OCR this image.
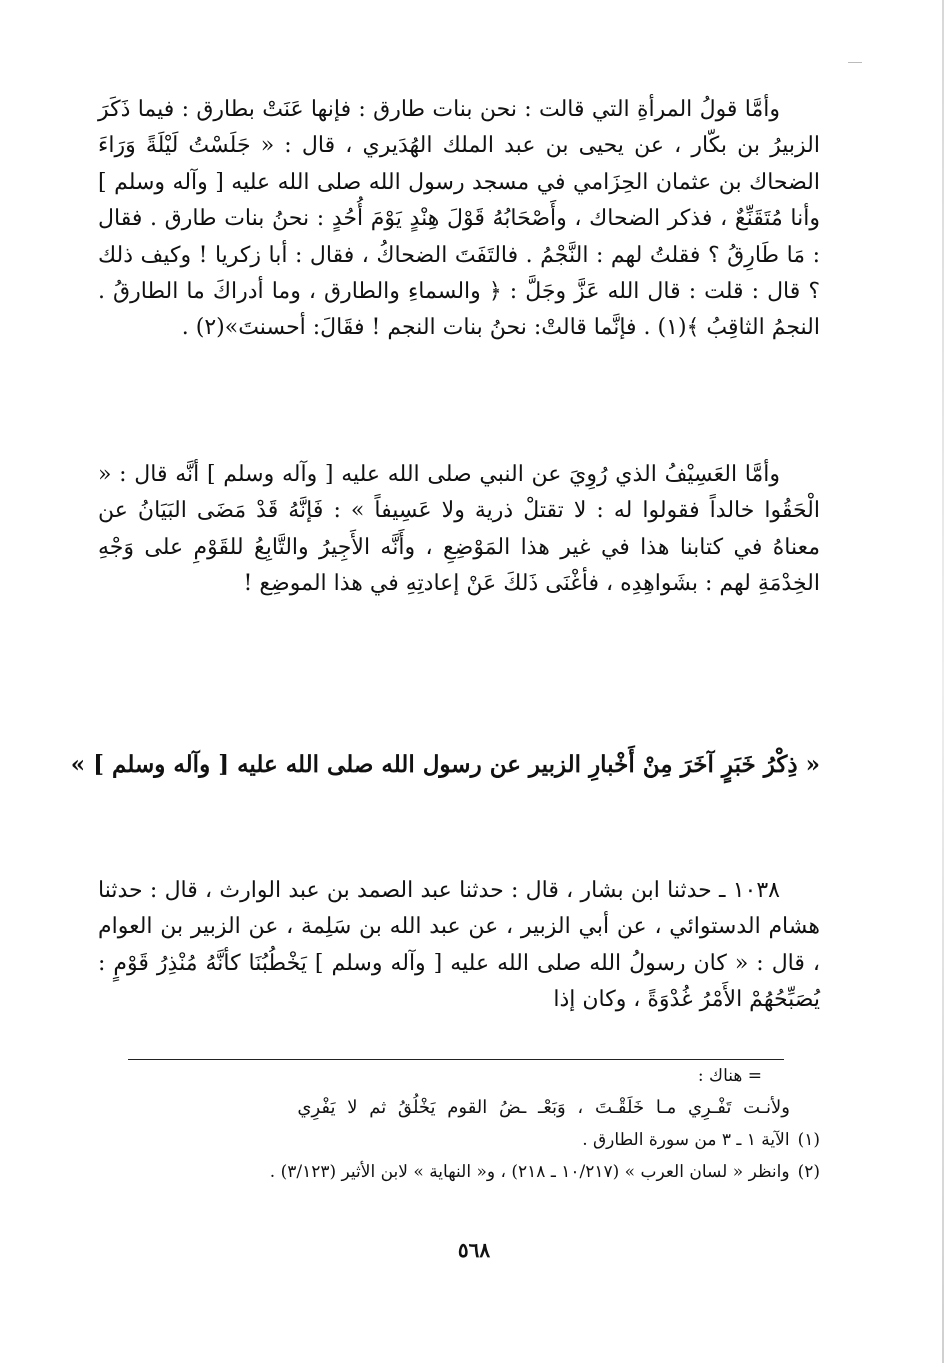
وأمَّا قولُ المرأةِ التي قالت : نحن بنات طارق : فإنها عَنَتْ بطارق : فيما ذَكَرَ الزبيرُ بن بكّار ، عن يحيى بن عبد الملك الهُدَيري ، قال : « جَلَسْتُ لَيْلَةً وَرَاءَ الضحاك بن عثمان الحِزَامي في مسجد رسول الله صلى الله عليه [ وآله وسلم ] وأنا مُتَقَنِّعٌ ، فذكر الضحاك ، وأَصْحَابُهُ قَوْلَ هِنْدٍ يَوْمَ أُحُدٍ : نحنُ بنات طارق . فقال : مَا طَارِقُ ؟ فقلتُ لهم : النَّجْمُ . فالتَفَتَ الضحاكُ ، فقال : أبا زكريا ! وكيف ذلك ؟ قال : قلت : قال الله عَزَّ وجَلَّ : ﴿ والسماءِ والطارق ، وما أدراكَ ما الطارقُ . النجمُ الثاقِبُ ﴾(١) . فإنَّما قالتْ: نحنُ بنات النجم ! فقَالَ: أحسنتَ»(٢) .

وأمَّا العَسِيْفُ الذي رُوِيَ عن النبي صلى الله عليه [ وآله وسلم ] أنَّه قال : « الْحَقُوا خالداً فقولوا له : لا تقتلْ ذرية ولا عَسِيفاً » : فَإنَّهُ قَدْ مَضَى البَيَانُ عن معناهُ في كتابنا هذا في غير هذا المَوْضِعِ ، وأَنَّه الأَجِيرُ والتَّابِعُ للقَوْمِ على وَجْهِ الخِدْمَةِ لهم : بشَواهِدِه ، فأغْنَى ذَلكَ عَنْ إعادتِهِ في هذا الموضِع !

« ذِكْرُ خَبَرٍ آخَرَ مِنْ أَخْبارِ الزبير عن رسول الله صلى الله عليه [ وآله وسلم ] »

١٠٣٨ ـ حدثنا ابن بشار ، قال : حدثنا عبد الصمد بن عبد الوارث ، قال : حدثنا هشام الدستوائي ، عن أبي الزبير ، عن عبد الله بن سَلِمة ، عن الزبير بن العوام ، قال : « كان رسولُ الله صلى الله عليه [ وآله وسلم ] يَخْطُبُنَا كأنَّهُ مُنْذِرُ قَوْمٍ : يُصَبِّحُهُمْ الأَمْرُ غُدْوَةً ، وكان إذا

= هناك :
ولأنـت تَفْـرِي مـا خَلَقْـتَ ، وَبَعْـ ـضُ القوم يَخْلُقُ ثم لا يَفْرِي
(١)الآية ١ ـ ٣ من سورة الطارق .
(٢)وانظر « لسان العرب » (١٠/٢١٧ ـ ٢١٨) ، و« النهاية » لابن الأثير (٣/١٢٣) .
٥٦٨
